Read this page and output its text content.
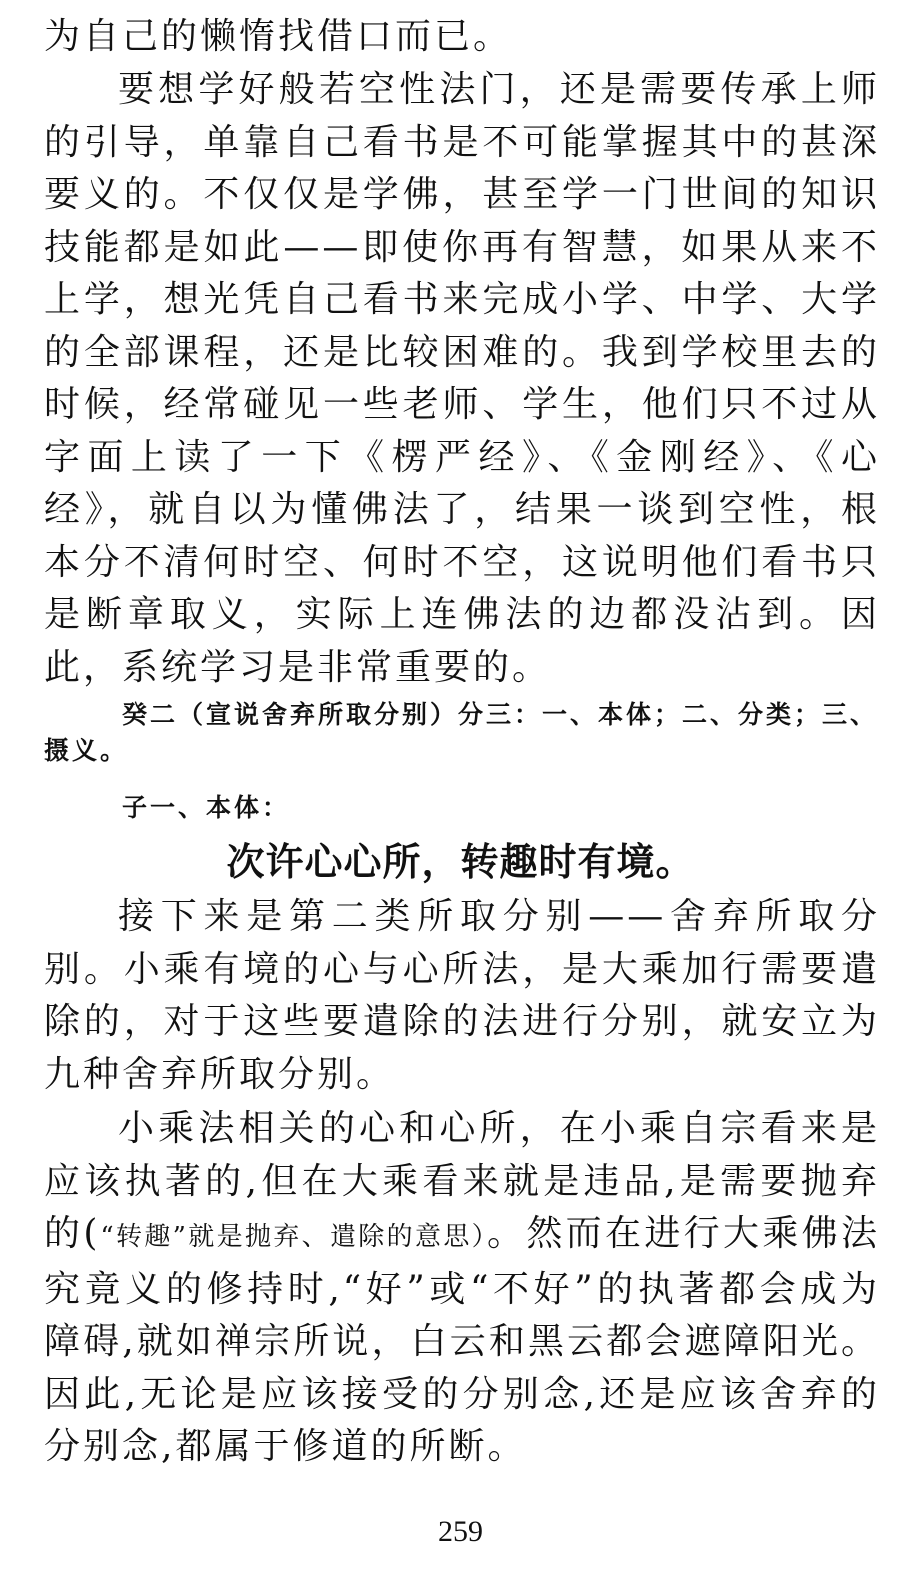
为自己的懒惰找借口而已。

要想学好般若空性法门，还是需要传承上师的引导，单靠自己看书是不可能掌握其中的甚深要义的。不仅仅是学佛，甚至学一门世间的知识技能都是如此——即使你再有智慧，如果从来不上学，想光凭自己看书来完成小学、中学、大学的全部课程，还是比较困难的。我到学校里去的时候，经常碰见一些老师、学生，他们只不过从字面上读了一下《楞严经》、《金刚经》、《心经》，就自以为懂佛法了，结果一谈到空性，根本分不清何时空、何时不空，这说明他们看书只是断章取义，实际上连佛法的边都没沾到。因此，系统学习是非常重要的。

癸二（宣说舍弃所取分别）分三：一、本体；二、分类；三、摄义。

子一、本体：

次许心心所，转趣时有境。

接下来是第二类所取分别——舍弃所取分别。小乘有境的心与心所法，是大乘加行需要遣除的，对于这些要遣除的法进行分别，就安立为九种舍弃所取分别。

小乘法相关的心和心所，在小乘自宗看来是应该执著的,但在大乘看来就是违品,是需要抛弃的(“转趣”就是抛弃、遣除的意思）。然而在进行大乘佛法究竟义的修持时,“好”或“不好”的执著都会成为障碍,就如禅宗所说，白云和黑云都会遮障阳光。因此,无论是应该接受的分别念,还是应该舍弃的分别念,都属于修道的所断。

259
